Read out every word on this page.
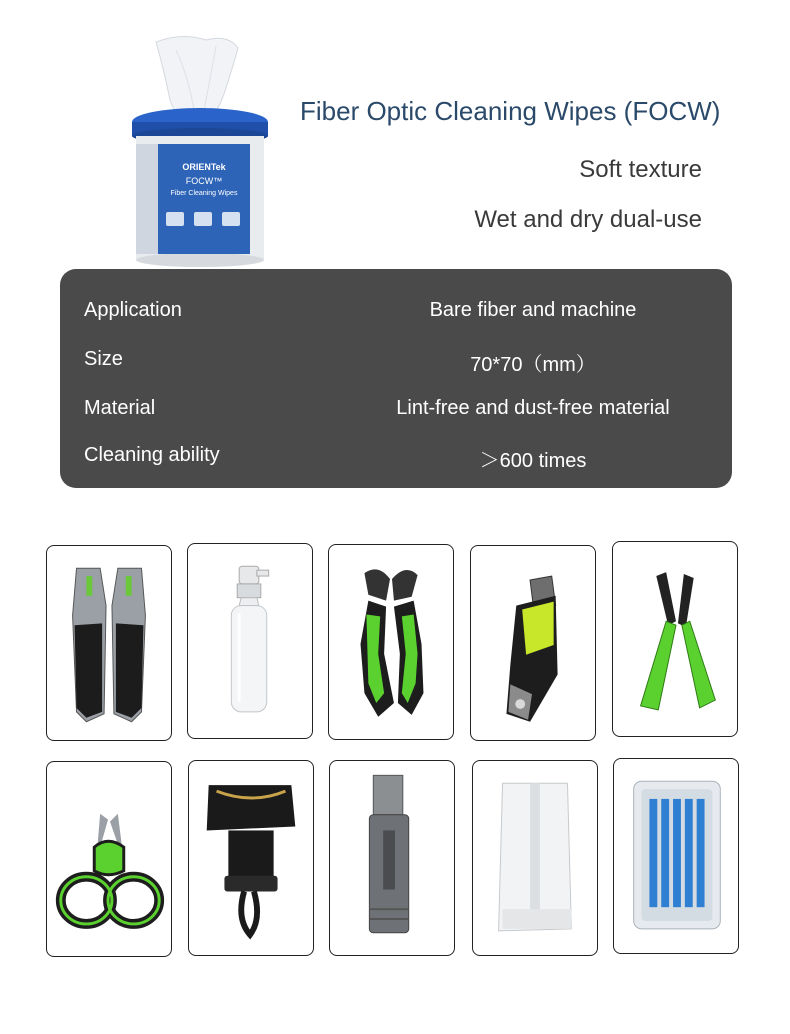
ORIENTek
FOCW™
Fiber Cleaning Wipes
Fiber Optic Cleaning Wipes (FOCW)
Soft texture
Wet and dry dual-use
Application	Bare fiber and machine
Size	70*70（mm）
Material	Lint-free and dust-free material
Cleaning ability	＞600 times
